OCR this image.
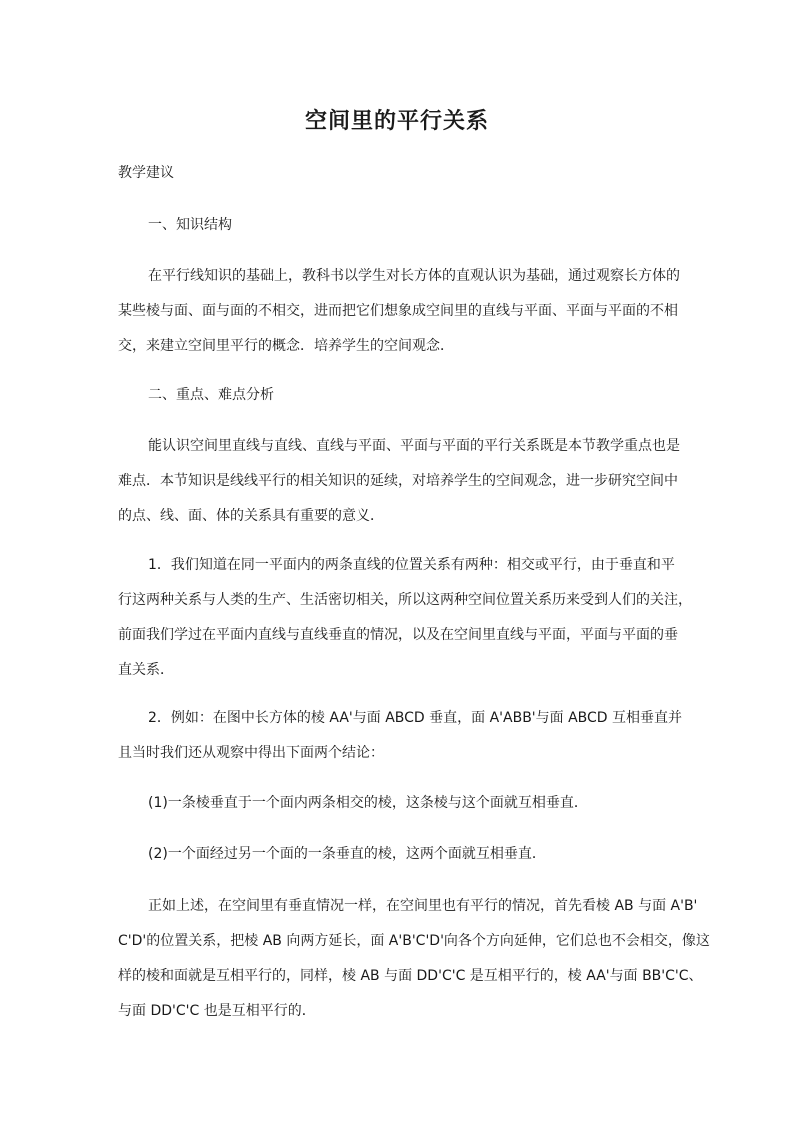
空间里的平行关系
教学建议
一、知识结构
在平行线知识的基础上，教科书以学生对长方体的直观认识为基础，通过观察长方体的
某些棱与面、面与面的不相交，进而把它们想象成空间里的直线与平面、平面与平面的不相
交，来建立空间里平行的概念．培养学生的空间观念．
二、重点、难点分析
能认识空间里直线与直线、直线与平面、平面与平面的平行关系既是本节教学重点也是
难点．本节知识是线线平行的相关知识的延续，对培养学生的空间观念，进一步研究空间中
的点、线、面、体的关系具有重要的意义．
1．我们知道在同一平面内的两条直线的位置关系有两种：相交或平行，由于垂直和平
行这两种关系与人类的生产、生活密切相关，所以这两种空间位置关系历来受到人们的关注，
前面我们学过在平面内直线与直线垂直的情况，以及在空间里直线与平面，平面与平面的垂
直关系．
2．例如：在图中长方体的棱 AA'与面 ABCD 垂直，面 A'ABB'与面 ABCD 互相垂直并
且当时我们还从观察中得出下面两个结论：
(1)一条棱垂直于一个面内两条相交的棱，这条棱与这个面就互相垂直．
(2)一个面经过另一个面的一条垂直的棱，这两个面就互相垂直．
正如上述，在空间里有垂直情况一样，在空间里也有平行的情况，首先看棱 AB 与面 A'B'
C'D'的位置关系，把棱 AB 向两方延长，面 A'B'C'D'向各个方向延伸，它们总也不会相交，像这
样的棱和面就是互相平行的，同样，棱 AB 与面 DD'C'C 是互相平行的，棱 AA'与面 BB'C'C、
与面 DD'C'C 也是互相平行的．
